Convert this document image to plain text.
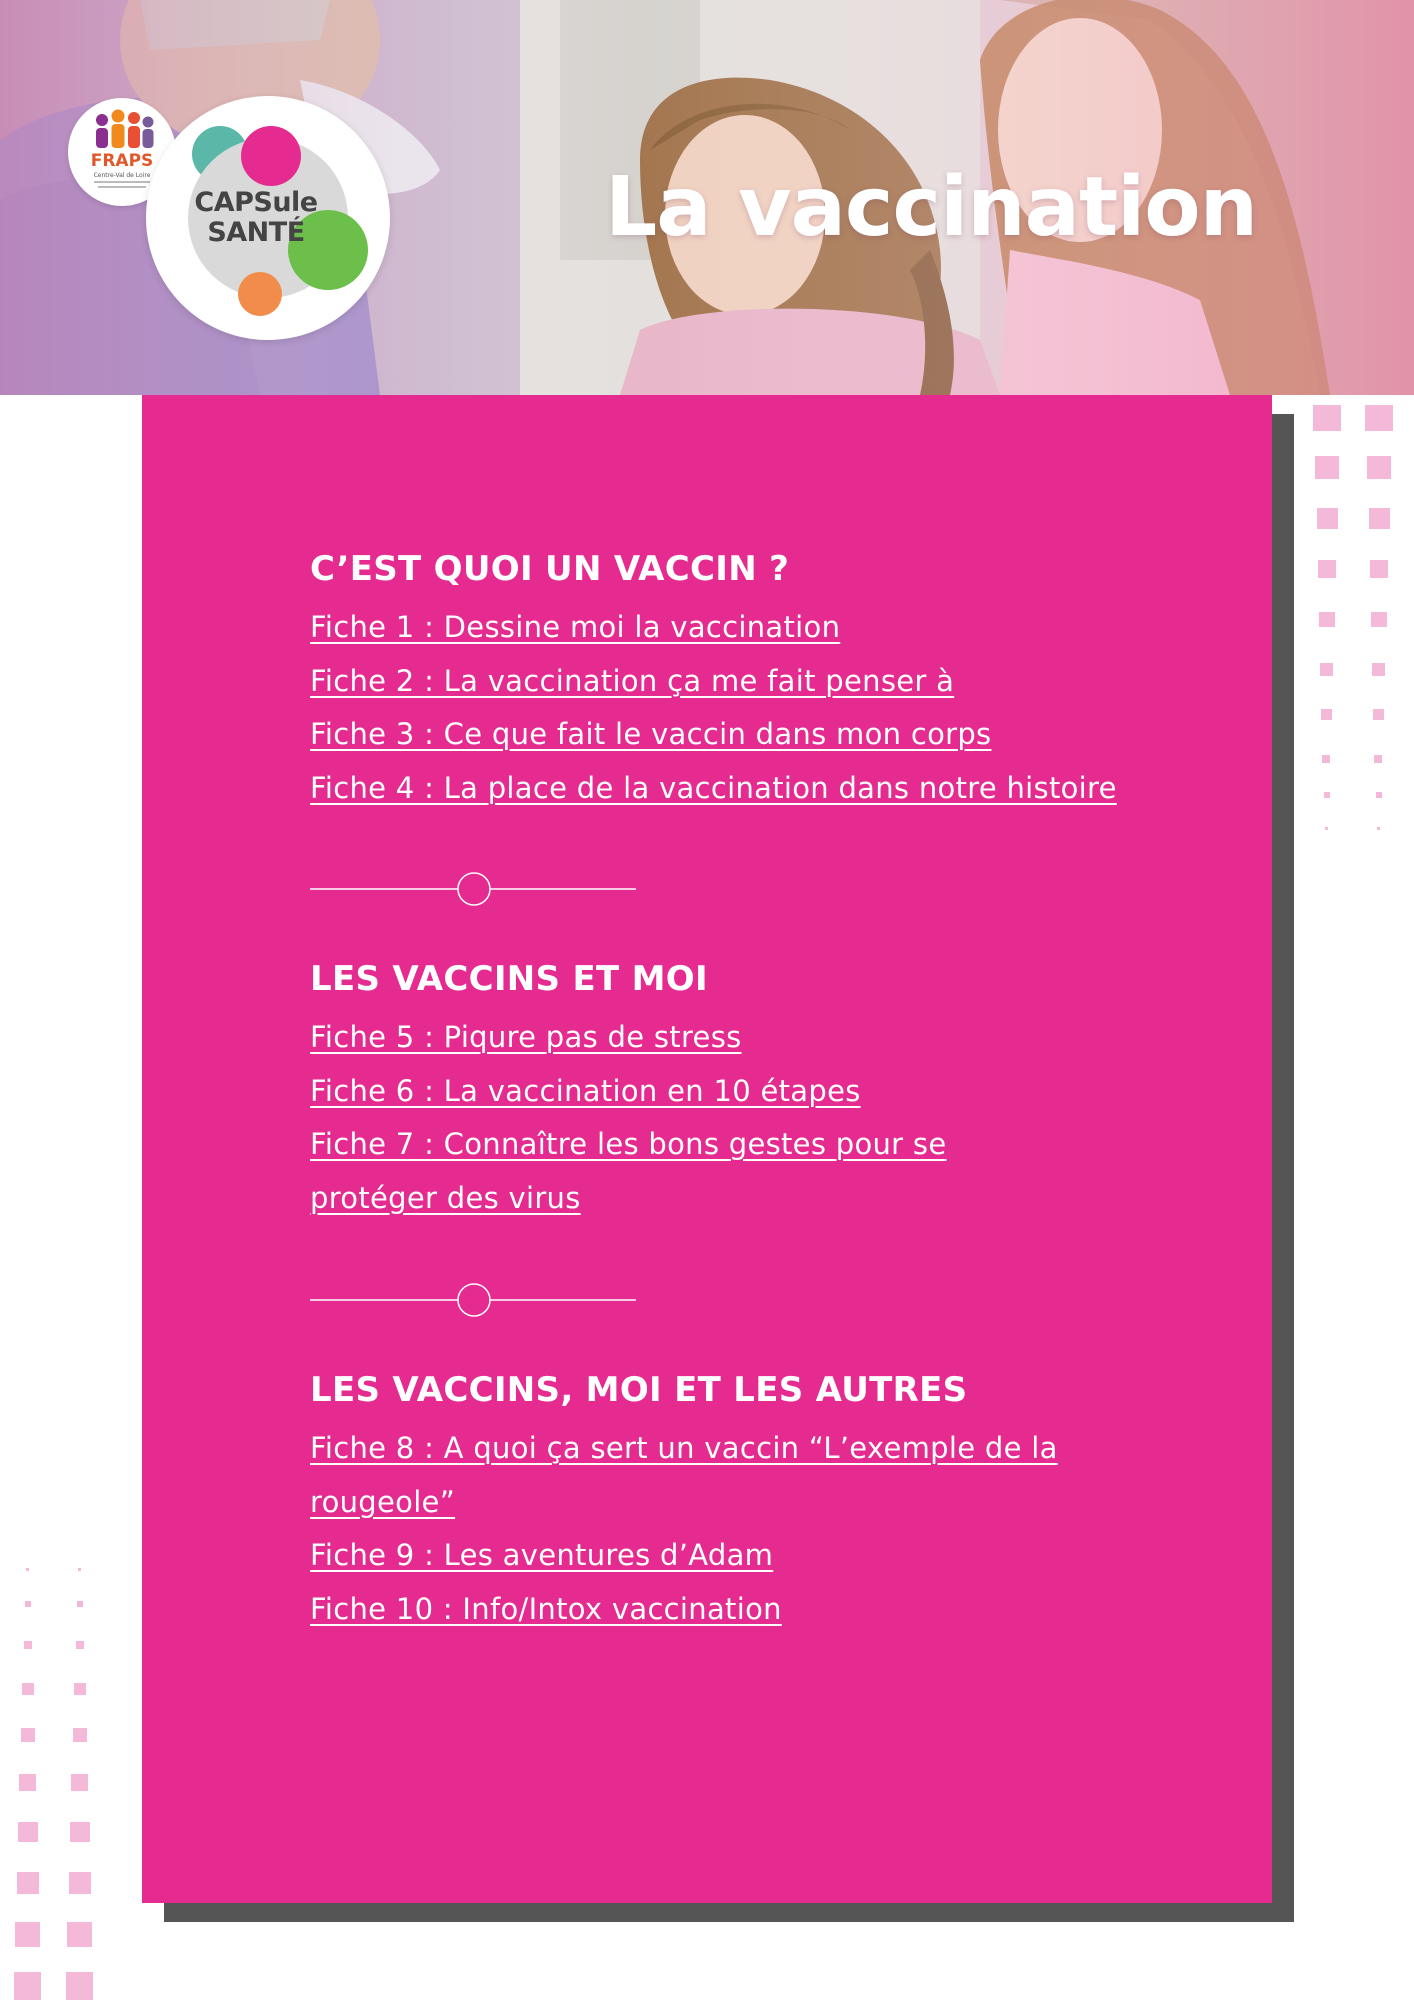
La vaccination
FRAPS
Centre-Val de Loire
CAPSule
SANTÉ
C’EST QUOI UN VACCIN ?
Fiche 1 : Dessine moi la vaccination
Fiche 2 : La vaccination ça me fait penser à
Fiche 3 : Ce que fait le vaccin dans mon corps
Fiche 4 : La place de la vaccination dans notre histoire
LES VACCINS ET MOI
Fiche 5 : Piqure pas de stress
Fiche 6 : La vaccination en 10 étapes
Fiche 7 : Connaître les bons gestes pour se protéger des virus
LES VACCINS, MOI ET LES AUTRES
Fiche 8 : A quoi ça sert un vaccin “L’exemple de la rougeole”
Fiche 9 : Les aventures d’Adam
Fiche 10 : Info/Intox vaccination
